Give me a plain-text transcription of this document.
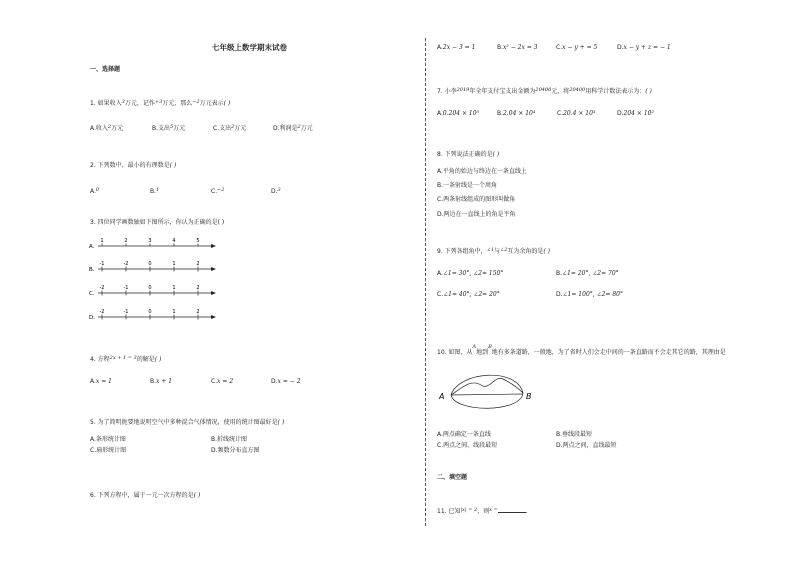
七年级上数学期末试卷
一、选择题
1. 如果收入$^3$万元，记作$^{+3}$万元，那么$^{-2}$万元表示( )
A.收入$^2$万元	B.支出$^5$万元	C.支出$^2$万元	D.利润是$^2$万元
2. 下列数中，最小的有理数是( )
A.$^0$	B.$^1$	C.$^{-2}$	D.$^3$
3. 四位同学画数轴如下图所示，你认为正确的是( )
A.
1	2	3	4	5
B.
-1	-2	0	1	2
C.
-2	-1	0	1	2
D.
-2	-1	0	1	2
4. 方程$^{2x + 1 = 3}$的解是( )
A.x = 1	B.x + 1	C.x = 2	D.x = − 2
5. 为了简明扼要地说明空气中多种混合气体情况，使用的统计图最好是( )
A.条形统计图	B.折线统计图
C.扇形统计图	D.频数分布直方图
6. 下列方程中，属于一元一次方程的是( )
A.2x − 3 = 1	B.x² − 2x = 3	C.x − y + = 5	D.x − y + z = − 1
7. 小李$^{2019}$年全年支付宝支出金额为$^{20400}$元，将$^{20400}$用科学计数法表示为：( )
A.0.204 × 10⁵	B.2.04 × 10⁴	C.20.4 × 10³	D.204 × 10²
8. 下列说法正确的是( )
A.平角的始边与终边在一条直线上
B.一条射线是一个周角
C.两条射线组成的图形叫做角
D.两边在一直线上的角是平角
9. 下列各组角中，$^{\angle 1}$与$^{\angle 2}$互为余角的是( )
A.∠1= 30°, ∠2= 150°	B.∠1= 20°, ∠2= 70°
C.∠1= 40°, ∠2= 20°	D.∠1= 100°, ∠2= 80°
10. 如图，从$^A$地到$^B$地有多条道路，一般地，为了省时人们会走中间的一条直路而不会走其它的路，其理由是
A	B
A.两点确定一条直线	B.垂线段最短
C.两点之间，线段最短	D.两点之间，直线最短
二、填空题
11. 已知$^{|x| = 2}$，则$^{x =}$	.
